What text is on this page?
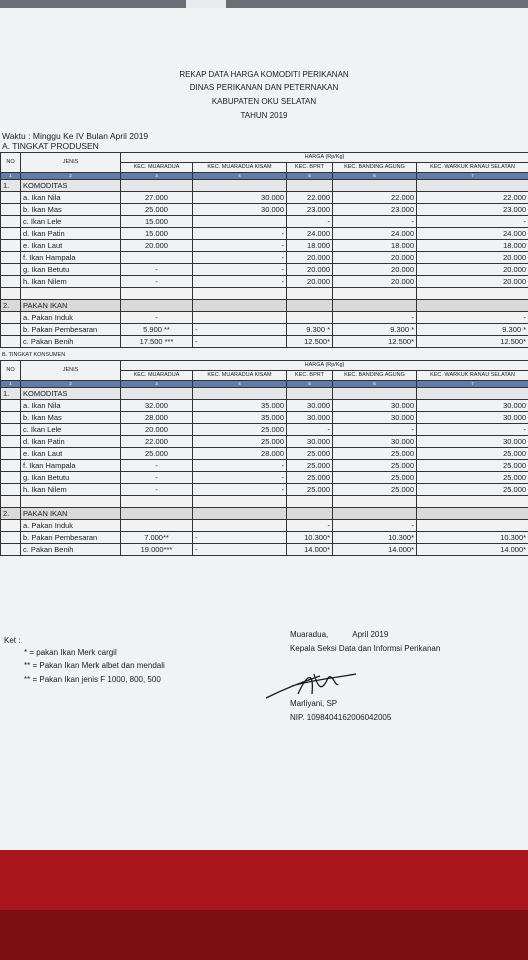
REKAP DATA HARGA KOMODITI PERIKANAN
DINAS PERIKANAN DAN PETERNAKAN
KABUPATEN OKU SELATAN
TAHUN 2019
Waktu : Minggu Ke IV Bulan April 2019
A. TINGKAT PRODUSEN
NO	JENIS	HARGA (Rp/Kg)				
		KEC. MUARADUA	KEC. MUARADUA KISAM	KEC. BPRT	KEC. BANDING AGUNG	KEC. WARKUK RANAU SELATAN
1	2	3	4	5	6	7
1.	KOMODITAS					
	a. Ikan Nila	27.000	30.000	22.000	22.000	22.000
	b. Ikan Mas	25.000	30.000	23.000	23.000	23.000
	c. Ikan Lele	15.000		-	-	-
	d. Ikan Patin	15.000	-	24.000	24.000	24.000
	e. Ikan Laut	20.000	-	18.000	18.000	18.000
	f. Ikan Hampala		-	20.000	20.000	20.000
	g. Ikan Betutu	-	-	20.000	20.000	20.000
	h. Ikan Nilem	-	-	20.000	20.000	20.000

2.	PAKAN IKAN					
	a. Pakan Induk	-			-	-
	b. Pakan Pembesaran	5.900 **	-	9.300 *	9.300 *	9.300 *
	c. Pakan Benih	17.500 ***	-	12.500*	12.500*	12.500*
B. TINGKAT KONSUMEN
NO	JENIS	HARGA (Rp/Kg)				
		KEC. MUARADUA	KEC. MUARADUA KISAM	KEC. BPRT	KEC. BANDING AGUNG	KEC. WARKUK RANAU SELATAN
1	2	3	4	5	6	7
1.	KOMODITAS					
	a. Ikan Nila	32.000	35.000	30.000	30.000	30.000
	b. Ikan Mas	28.000	35.000	30.000	30.000	30.000
	c. Ikan Lele	20.000	25.000	-	-	-
	d. Ikan Patin	22.000	25.000	30.000	30.000	30.000
	e. Ikan Laut	25.000	28.000	25.000	25.000	25.000
	f. Ikan Hampala	-	-	25.000	25.000	25.000
	g. Ikan Betutu	-	-	25.000	25.000	25.000
	h. Ikan Nilem	-	-	25.000	25.000	25.000

2.	PAKAN IKAN					
	a. Pakan Induk			-	-	
	b. Pakan Pembesaran	7.000**	-	10.300*	10.300*	10.300*
	c. Pakan Benih	19.000***	-	14.000*	14.000*	14.000*
Ket :
* = pakan Ikan Merk cargil
** = Pakan Ikan Merk albet dan mendali
** = Pakan Ikan jenis F 1000, 800, 500
Muaradua,	April 2019
Kepala Seksi Data dan Informsi Perikanan
Marliyani, SP
NIP. 1098404162006042005
